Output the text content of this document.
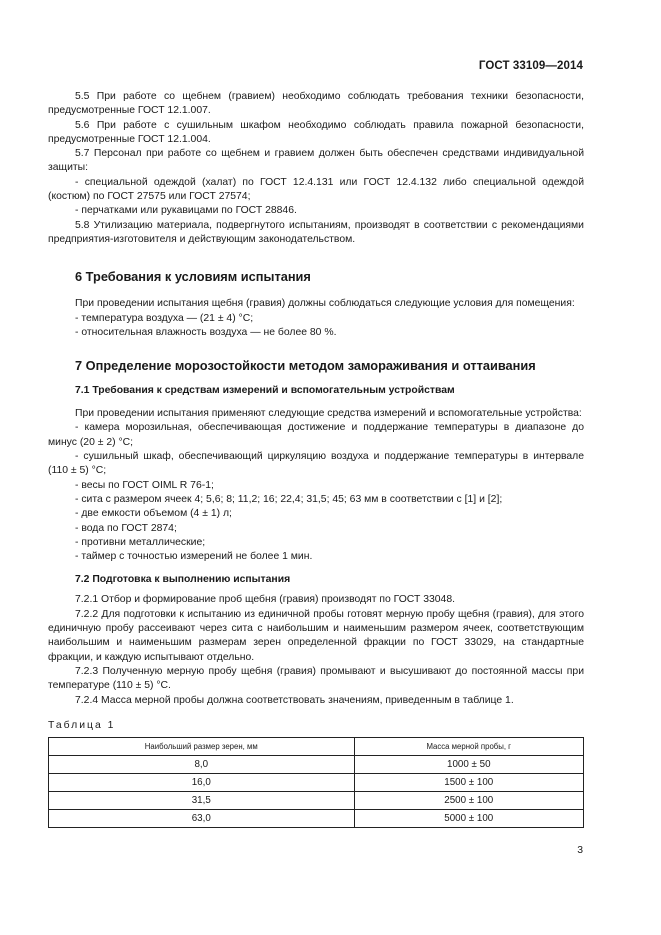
ГОСТ 33109—2014

5.5 При работе со щебнем (гравием) необходимо соблюдать требования техники безопасности, предусмотренные ГОСТ 12.1.007.

5.6 При работе с сушильным шкафом необходимо соблюдать правила пожарной безопасности, предусмотренные ГОСТ 12.1.004.

5.7 Персонал при работе со щебнем и гравием должен быть обеспечен средствами индивидуальной защиты:

- специальной одеждой (халат) по ГОСТ 12.4.131 или ГОСТ 12.4.132 либо специальной одеждой (костюм) по ГОСТ 27575 или ГОСТ 27574;

- перчатками или рукавицами по ГОСТ 28846.

5.8 Утилизацию материала, подвергнутого испытаниям, производят в соответствии с рекомендациями предприятия-изготовителя и действующим законодательством.

6 Требования к условиям испытания

При проведении испытания щебня (гравия) должны соблюдаться следующие условия для помещения:

- температура воздуха — (21 ± 4) °С;

- относительная влажность воздуха — не более 80 %.

7 Определение морозостойкости методом замораживания и оттаивания
7.1 Требования к средствам измерений и вспомогательным устройствам

При проведении испытания применяют следующие средства измерений и вспомогательные устройства:

- камера морозильная, обеспечивающая достижение и поддержание температуры в диапазоне до минус (20 ± 2) °С;

- сушильный шкаф, обеспечивающий циркуляцию воздуха и поддержание температуры в интервале (110 ± 5) °С;

- весы по ГОСТ OIML R 76-1;

- сита с размером ячеек 4; 5,6; 8; 11,2; 16; 22,4; 31,5; 45; 63 мм в соответствии с [1] и [2];

- две емкости объемом (4 ± 1) л;

- вода по ГОСТ 2874;

- противни металлические;

- таймер с точностью измерений не более 1 мин.

7.2 Подготовка к выполнению испытания

7.2.1 Отбор и формирование проб щебня (гравия) производят по ГОСТ 33048.

7.2.2 Для подготовки к испытанию из единичной пробы готовят мерную пробу щебня (гравия), для этого единичную пробу рассеивают через сита с наибольшим и наименьшим размером ячеек, соответствующим наибольшим и наименьшим размерам зерен определенной фракции по ГОСТ 33029, на стандартные фракции, и каждую испытывают отдельно.

7.2.3 Полученную мерную пробу щебня (гравия) промывают и высушивают до постоянной массы при температуре (110 ± 5) °С.

7.2.4 Масса мерной пробы должна соответствовать значениям, приведенным в таблице 1.

Таблица 1

Наибольший размер зерен, мм	Масса мерной пробы, г
8,0	1000 ± 50
16,0	1500 ± 100
31,5	2500 ± 100
63,0	5000 ± 100
3
